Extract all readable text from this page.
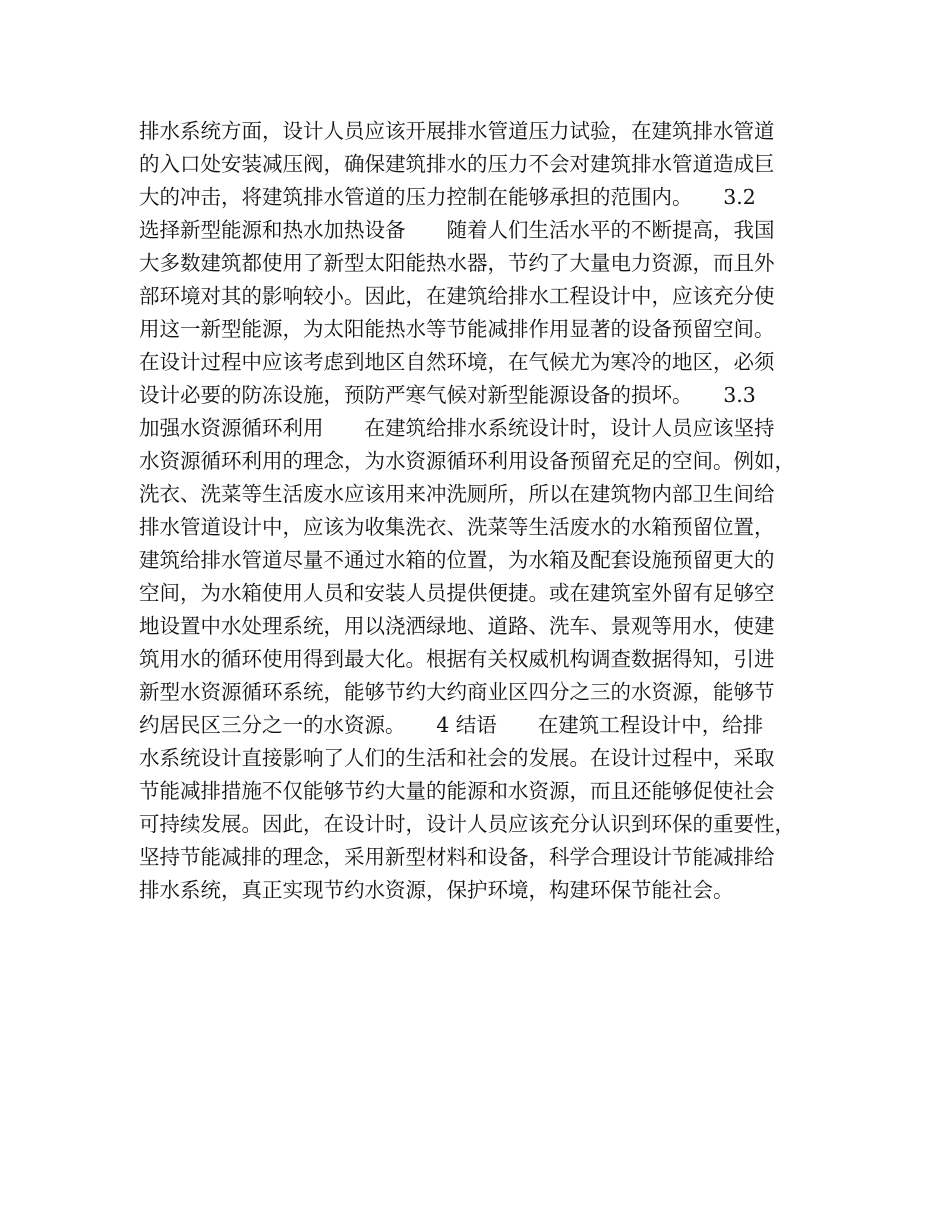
排水系统方面，设计人员应该开展排水管道压力试验，在建筑排水管道
的入口处安装减压阀，确保建筑排水的压力不会对建筑排水管道造成巨
大的冲击，将建筑排水管道的压力控制在能够承担的范围内。　　3.2
选择新型能源和热水加热设备　　随着人们生活水平的不断提高，我国
大多数建筑都使用了新型太阳能热水器，节约了大量电力资源，而且外
部环境对其的影响较小。因此，在建筑给排水工程设计中，应该充分使
用这一新型能源，为太阳能热水等节能减排作用显著的设备预留空间。
在设计过程中应该考虑到地区自然环境，在气候尤为寒冷的地区，必须
设计必要的防冻设施，预防严寒气候对新型能源设备的损坏。　　3.3
加强水资源循环利用　　在建筑给排水系统设计时，设计人员应该坚持
水资源循环利用的理念，为水资源循环利用设备预留充足的空间。例如，
洗衣、洗菜等生活废水应该用来冲洗厕所，所以在建筑物内部卫生间给
排水管道设计中，应该为收集洗衣、洗菜等生活废水的水箱预留位置，
建筑给排水管道尽量不通过水箱的位置，为水箱及配套设施预留更大的
空间，为水箱使用人员和安装人员提供便捷。或在建筑室外留有足够空
地设置中水处理系统，用以浇洒绿地、道路、洗车、景观等用水，使建
筑用水的循环使用得到最大化。根据有关权威机构调查数据得知，引进
新型水资源循环系统，能够节约大约商业区四分之三的水资源，能够节
约居民区三分之一的水资源。　　4 结语　　在建筑工程设计中，给排
水系统设计直接影响了人们的生活和社会的发展。在设计过程中，采取
节能减排措施不仅能够节约大量的能源和水资源，而且还能够促使社会
可持续发展。因此，在设计时，设计人员应该充分认识到环保的重要性，
坚持节能减排的理念，采用新型材料和设备，科学合理设计节能减排给
排水系统，真正实现节约水资源，保护环境，构建环保节能社会。
